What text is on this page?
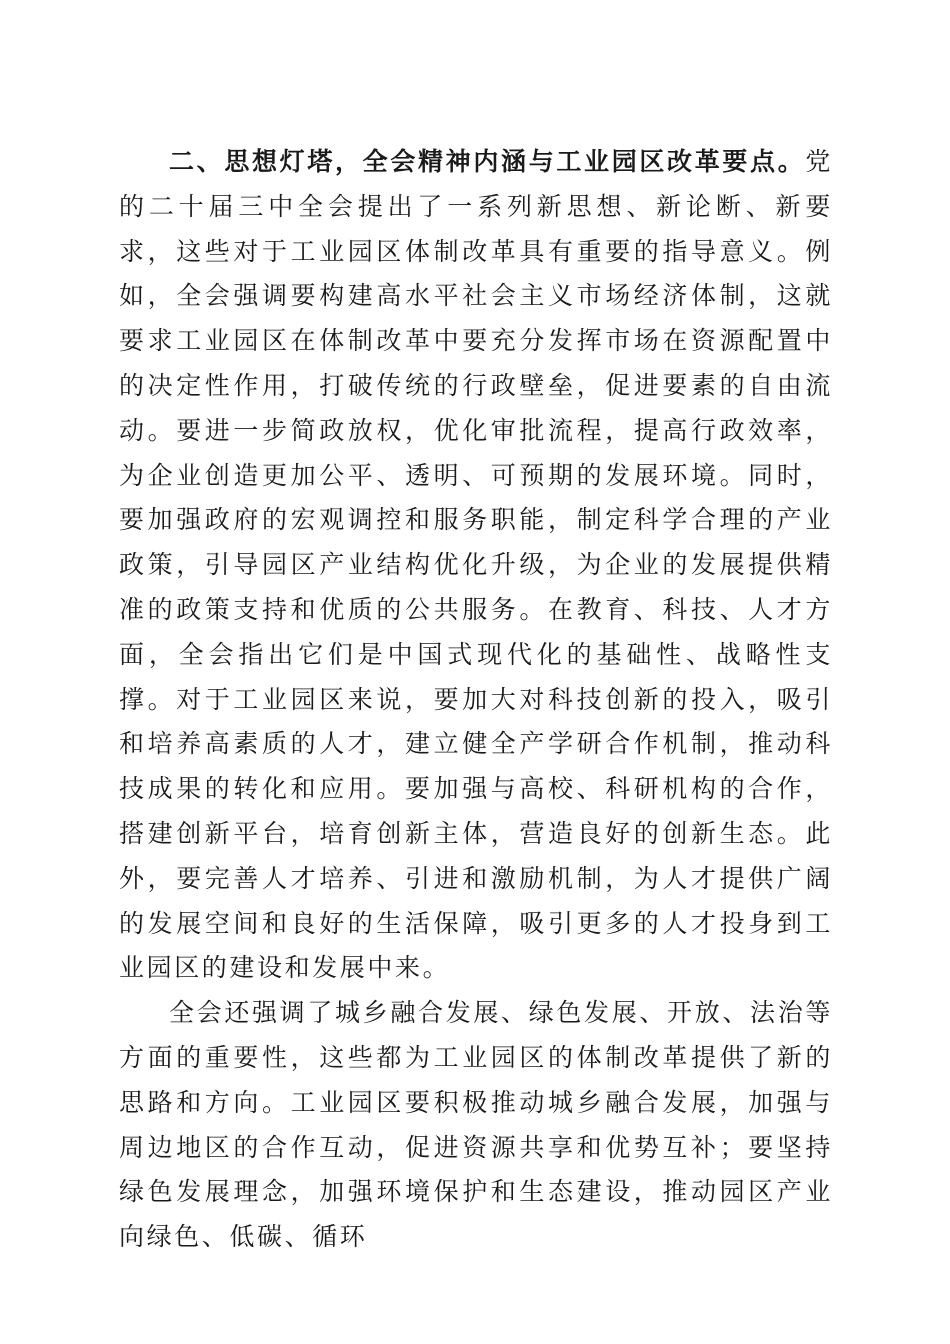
二、思想灯塔，全会精神内涵与工业园区改革要点。党的二十届三中全会提出了一系列新思想、新论断、新要求，这些对于工业园区体制改革具有重要的指导意义。例如，全会强调要构建高水平社会主义市场经济体制，这就要求工业园区在体制改革中要充分发挥市场在资源配置中的决定性作用，打破传统的行政壁垒，促进要素的自由流动。要进一步简政放权，优化审批流程，提高行政效率，为企业创造更加公平、透明、可预期的发展环境。同时，要加强政府的宏观调控和服务职能，制定科学合理的产业政策，引导园区产业结构优化升级，为企业的发展提供精准的政策支持和优质的公共服务。在教育、科技、人才方面，全会指出它们是中国式现代化的基础性、战略性支撑。对于工业园区来说，要加大对科技创新的投入，吸引和培养高素质的人才，建立健全产学研合作机制，推动科技成果的转化和应用。要加强与高校、科研机构的合作，搭建创新平台，培育创新主体，营造良好的创新生态。此外，要完善人才培养、引进和激励机制，为人才提供广阔的发展空间和良好的生活保障，吸引更多的人才投身到工业园区的建设和发展中来。

全会还强调了城乡融合发展、绿色发展、开放、法治等方面的重要性，这些都为工业园区的体制改革提供了新的思路和方向。工业园区要积极推动城乡融合发展，加强与周边地区的合作互动，促进资源共享和优势互补；要坚持绿色发展理念，加强环境保护和生态建设，推动园区产业向绿色、低碳、循环
